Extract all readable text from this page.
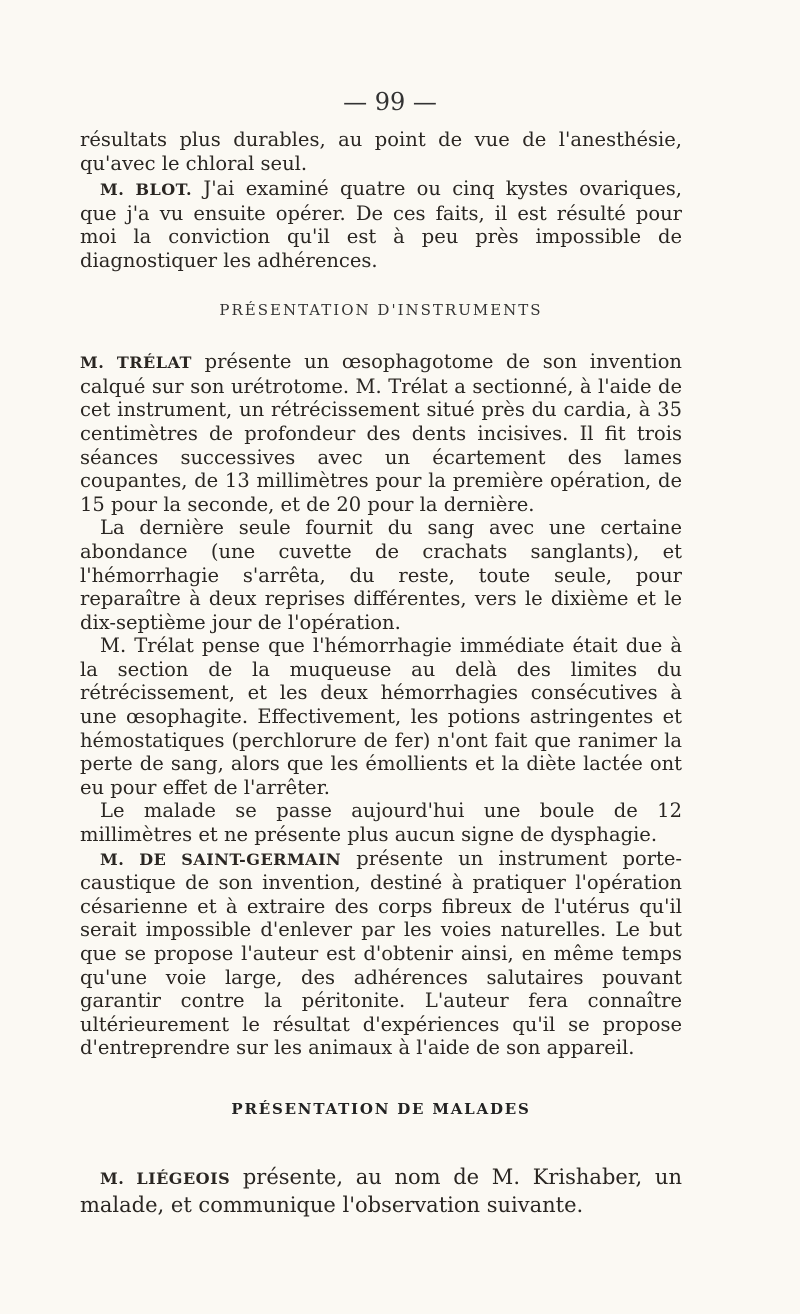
— 99 —

résultats plus durables, au point de vue de l'anesthésie, qu'avec le chloral seul.

M. BLOT. J'ai examiné quatre ou cinq kystes ovariques, que j'a vu ensuite opérer. De ces faits, il est résulté pour moi la conviction qu'il est à peu près impossible de diagnostiquer les adhérences.

PRÉSENTATION D'INSTRUMENTS

M. TRÉLAT présente un œsophagotome de son invention calqué sur son urétrotome. M. Trélat a sectionné, à l'aide de cet instrument, un rétrécissement situé près du cardia, à 35 centimètres de profondeur des dents incisives. Il fit trois séances successives avec un écartement des lames coupantes, de 13 millimètres pour la première opération, de 15 pour la seconde, et de 20 pour la dernière.

La dernière seule fournit du sang avec une certaine abondance (une cuvette de crachats sanglants), et l'hémorrhagie s'arrêta, du reste, toute seule, pour reparaître à deux reprises différentes, vers le dixième et le dix-septième jour de l'opération.

M. Trélat pense que l'hémorrhagie immédiate était due à la section de la muqueuse au delà des limites du rétrécissement, et les deux hémorrhagies consécutives à une œsophagite. Effectivement, les potions astringentes et hémostatiques (perchlorure de fer) n'ont fait que ranimer la perte de sang, alors que les émollients et la diète lactée ont eu pour effet de l'arrêter.

Le malade se passe aujourd'hui une boule de 12 millimètres et ne présente plus aucun signe de dysphagie.

M. DE SAINT-GERMAIN présente un instrument porte-caustique de son invention, destiné à pratiquer l'opération césarienne et à extraire des corps fibreux de l'utérus qu'il serait impossible d'enlever par les voies naturelles. Le but que se propose l'auteur est d'obtenir ainsi, en même temps qu'une voie large, des adhérences salutaires pouvant garantir contre la péritonite. L'auteur fera connaître ultérieurement le résultat d'expériences qu'il se propose d'entreprendre sur les animaux à l'aide de son appareil.

PRÉSENTATION DE MALADES

M. LIÉGEOIS présente, au nom de M. Krishaber, un malade, et communique l'observation suivante.
